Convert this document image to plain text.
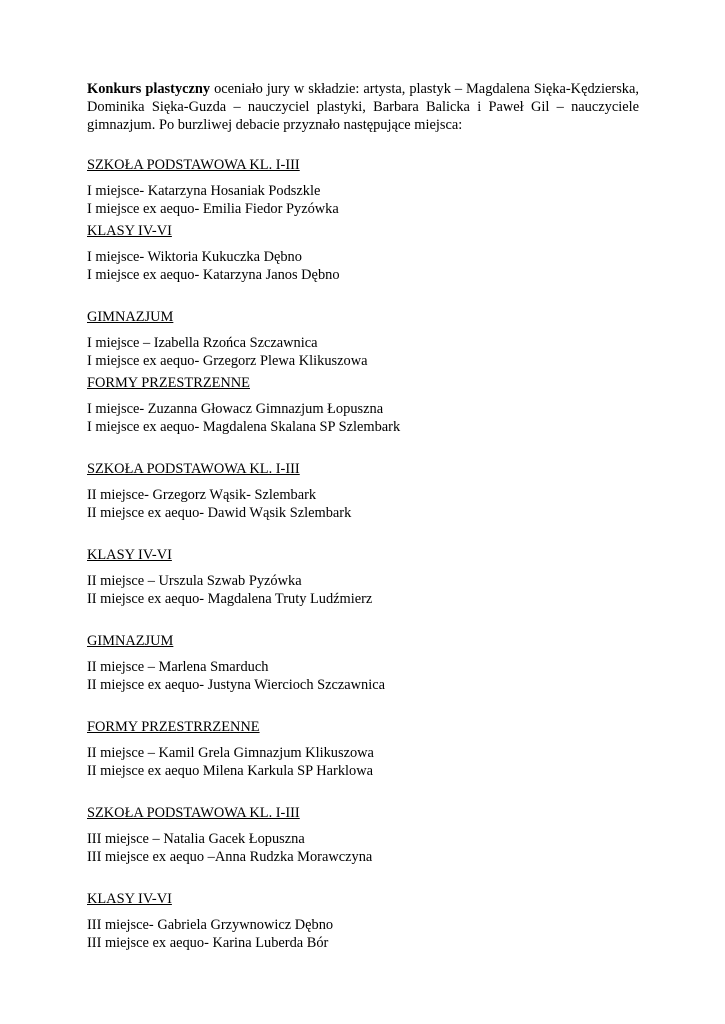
Konkurs plastyczny oceniało jury w składzie: artysta, plastyk – Magdalena Sięka-Kędzierska, Dominika Sięka-Guzda – nauczyciel plastyki, Barbara Balicka i Paweł Gil – nauczyciele gimnazjum. Po burzliwej debacie przyznało następujące miejsca:

SZKOŁA PODSTAWOWA KL. I-III

I miejsce- Katarzyna Hosaniak Podszkle

I miejsce ex aequo- Emilia Fiedor Pyzówka

KLASY IV-VI

I miejsce- Wiktoria Kukuczka Dębno

I miejsce ex aequo- Katarzyna Janos Dębno

GIMNAZJUM

I miejsce – Izabella Rzońca Szczawnica

I miejsce ex aequo- Grzegorz Plewa Klikuszowa

FORMY PRZESTRZENNE

I miejsce- Zuzanna Głowacz Gimnazjum Łopuszna

I miejsce ex aequo- Magdalena Skalana SP Szlembark

SZKOŁA PODSTAWOWA KL. I-III

II miejsce- Grzegorz Wąsik- Szlembark

II miejsce ex aequo- Dawid Wąsik Szlembark

KLASY IV-VI

II miejsce – Urszula Szwab Pyzówka

II miejsce ex aequo- Magdalena Truty Ludźmierz

GIMNAZJUM

II miejsce – Marlena Smarduch

II miejsce ex aequo- Justyna Wiercioch Szczawnica

FORMY PRZESTRRZENNE

II miejsce – Kamil Grela Gimnazjum Klikuszowa

II miejsce ex aequo Milena Karkula SP Harklowa

SZKOŁA PODSTAWOWA KL. I-III

III miejsce – Natalia Gacek Łopuszna

III miejsce ex aequo –Anna Rudzka Morawczyna

KLASY IV-VI

III miejsce- Gabriela Grzywnowicz Dębno

III miejsce ex aequo- Karina Luberda Bór
